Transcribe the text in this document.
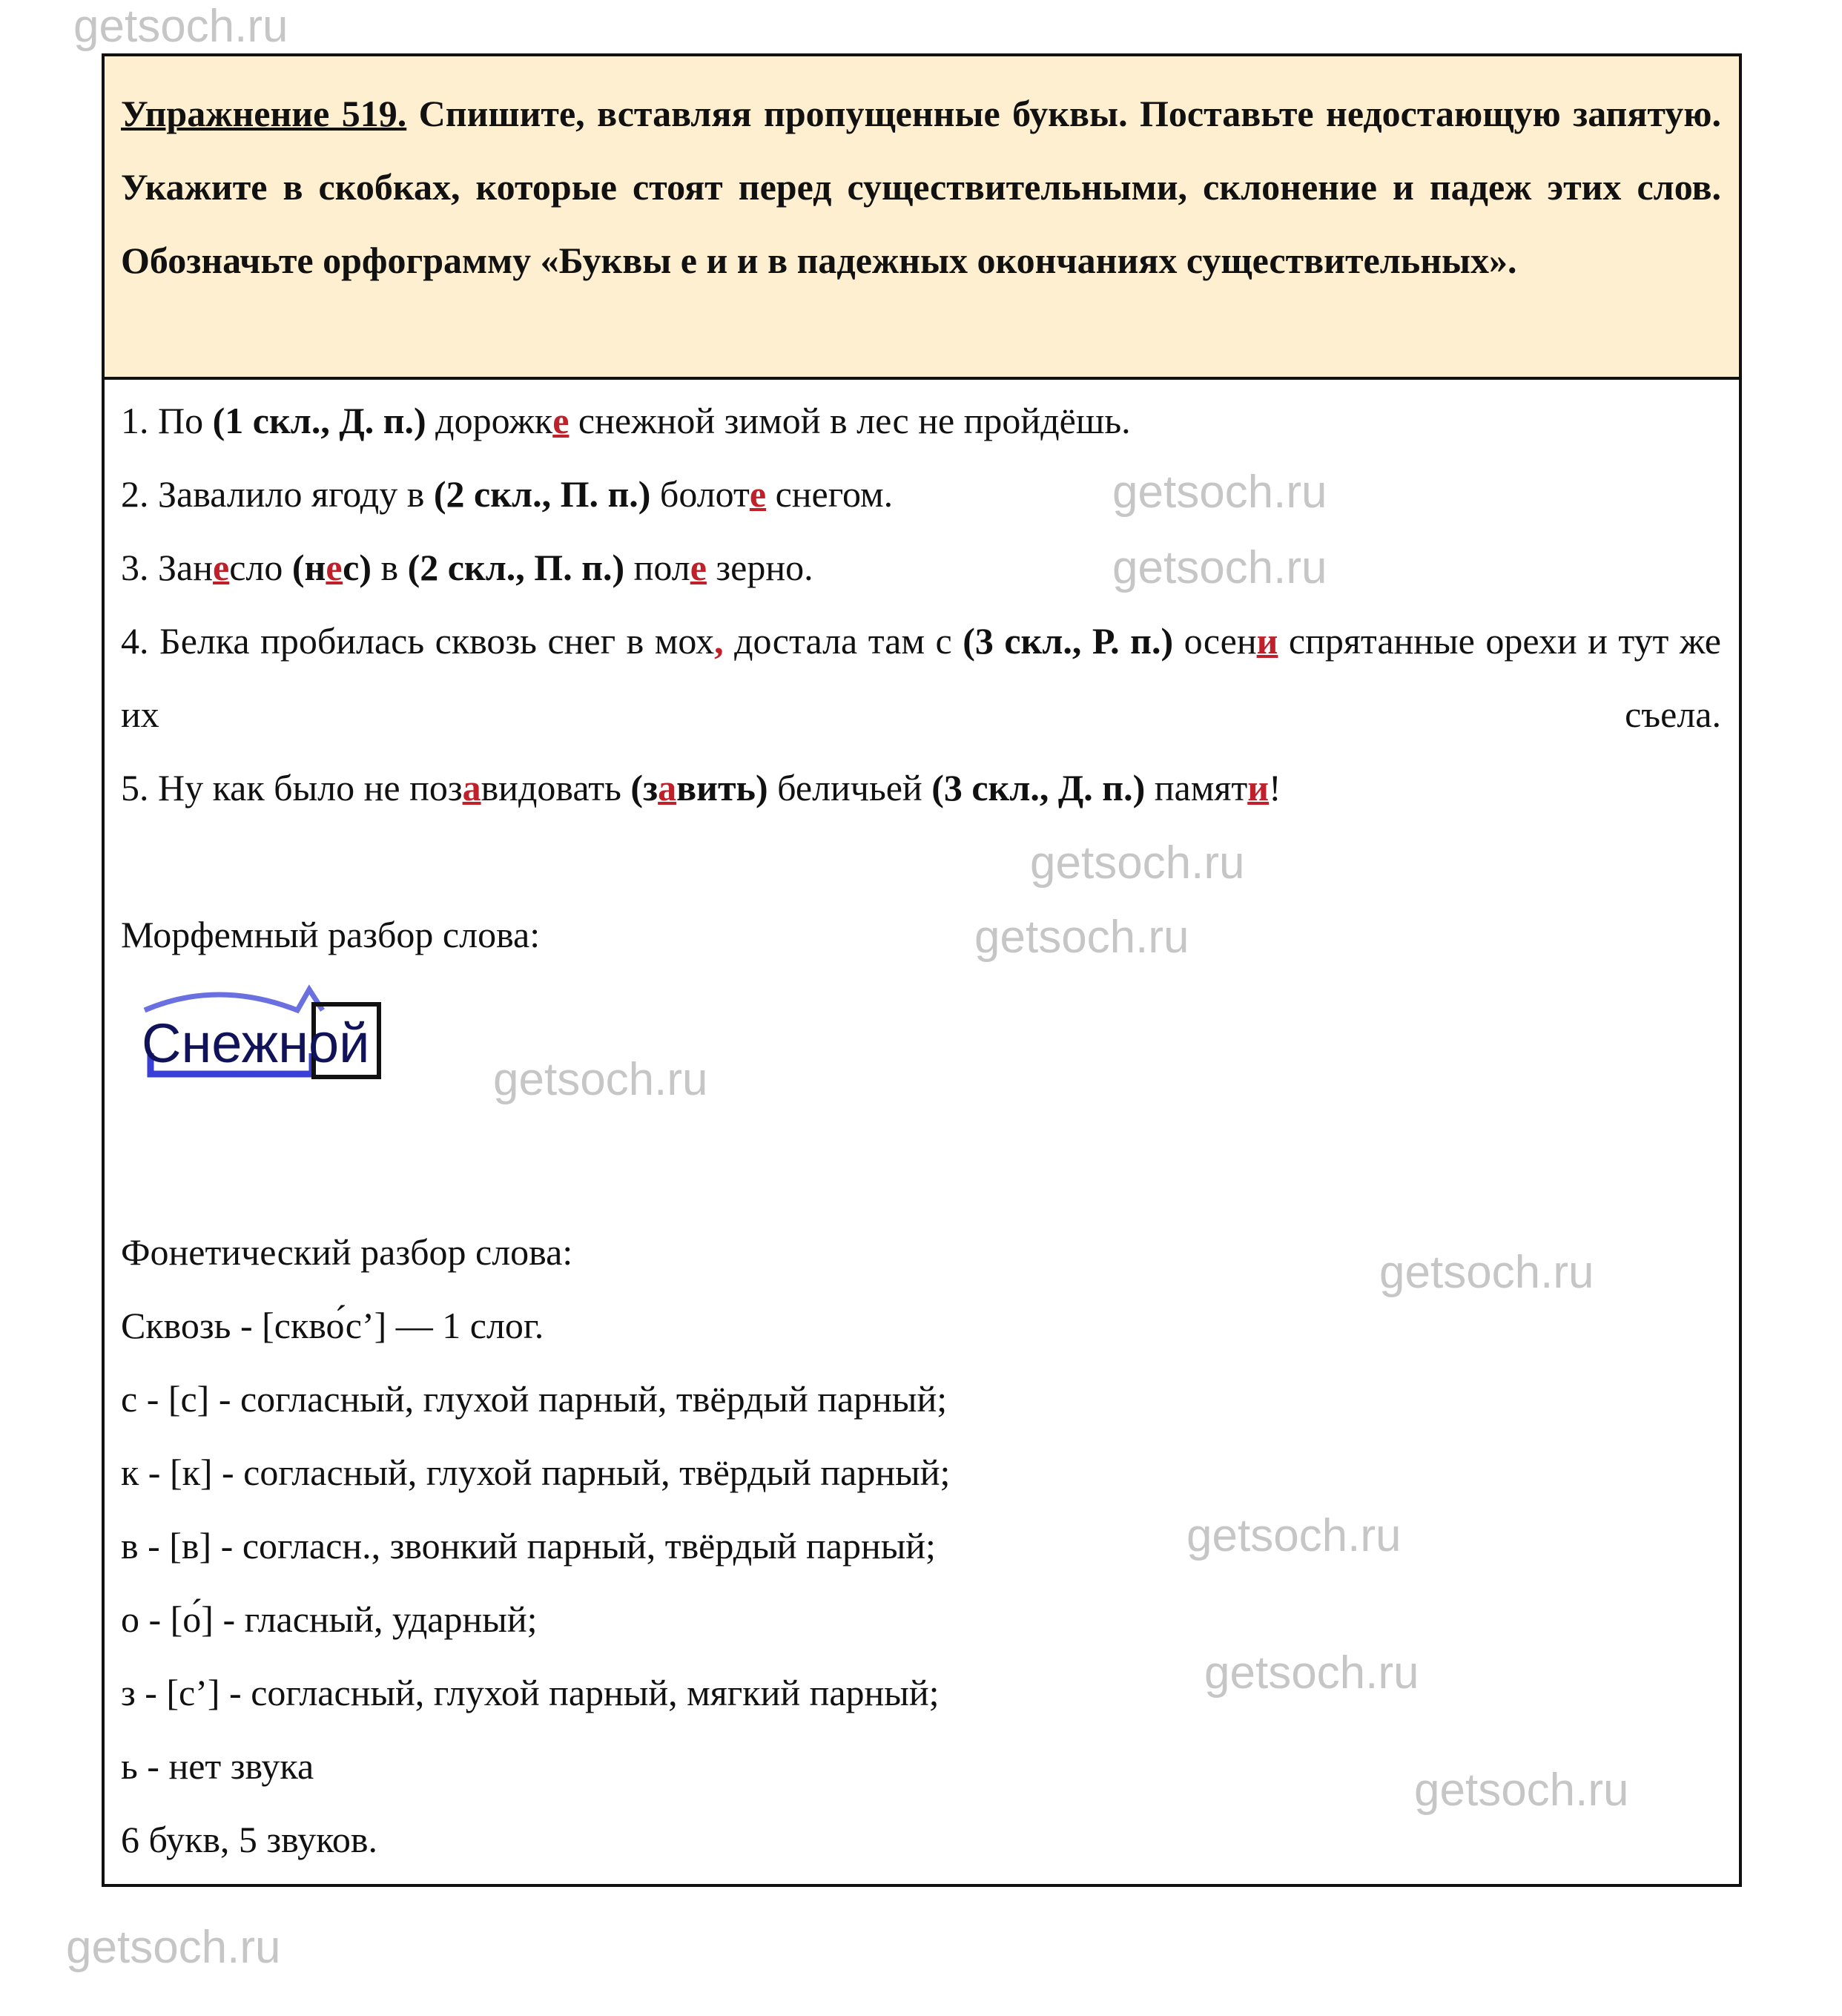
Упражнение 519. Спишите, вставляя пропущенные буквы. Поставьте недостающую запятую. Укажите в скобках, которые стоят перед существительными, склонение и падеж этих слов. Обозначьте орфограмму «Буквы е и и в падежных окончаниях существительных».

1. По (1 скл., Д. п.) дорожке снежной зимой в лес не пройдёшь.
2. Завалило ягоду в (2 скл., П. п.) болоте снегом.
3. Занесло (нес) в (2 скл., П. п.) поле зерно.
4. Белка пробилась сквозь снег в мох, достала там с (3 скл., Р. п.) осени спрятанные орехи и тут же их съела.
5. Ну как было не позавидовать (завить) беличьей (3 скл., Д. п.) памяти!
Морфемный разбор слова:
Снежной
Фонетический разбор слова:
Сквозь - [скво́с’] — 1 слог.
с - [с] - согласный, глухой парный, твёрдый парный;
к - [к] - согласный, глухой парный, твёрдый парный;
в - [в] - согласн., звонкий парный, твёрдый парный;
о - [о́] - гласный, ударный;
з - [с’] - согласный, глухой парный, мягкий парный;
ь - нет звука
6 букв, 5 звуков.
getsoch.ru
getsoch.ru
getsoch.ru
getsoch.ru
getsoch.ru
getsoch.ru
getsoch.ru
getsoch.ru
getsoch.ru
getsoch.ru
getsoch.ru
